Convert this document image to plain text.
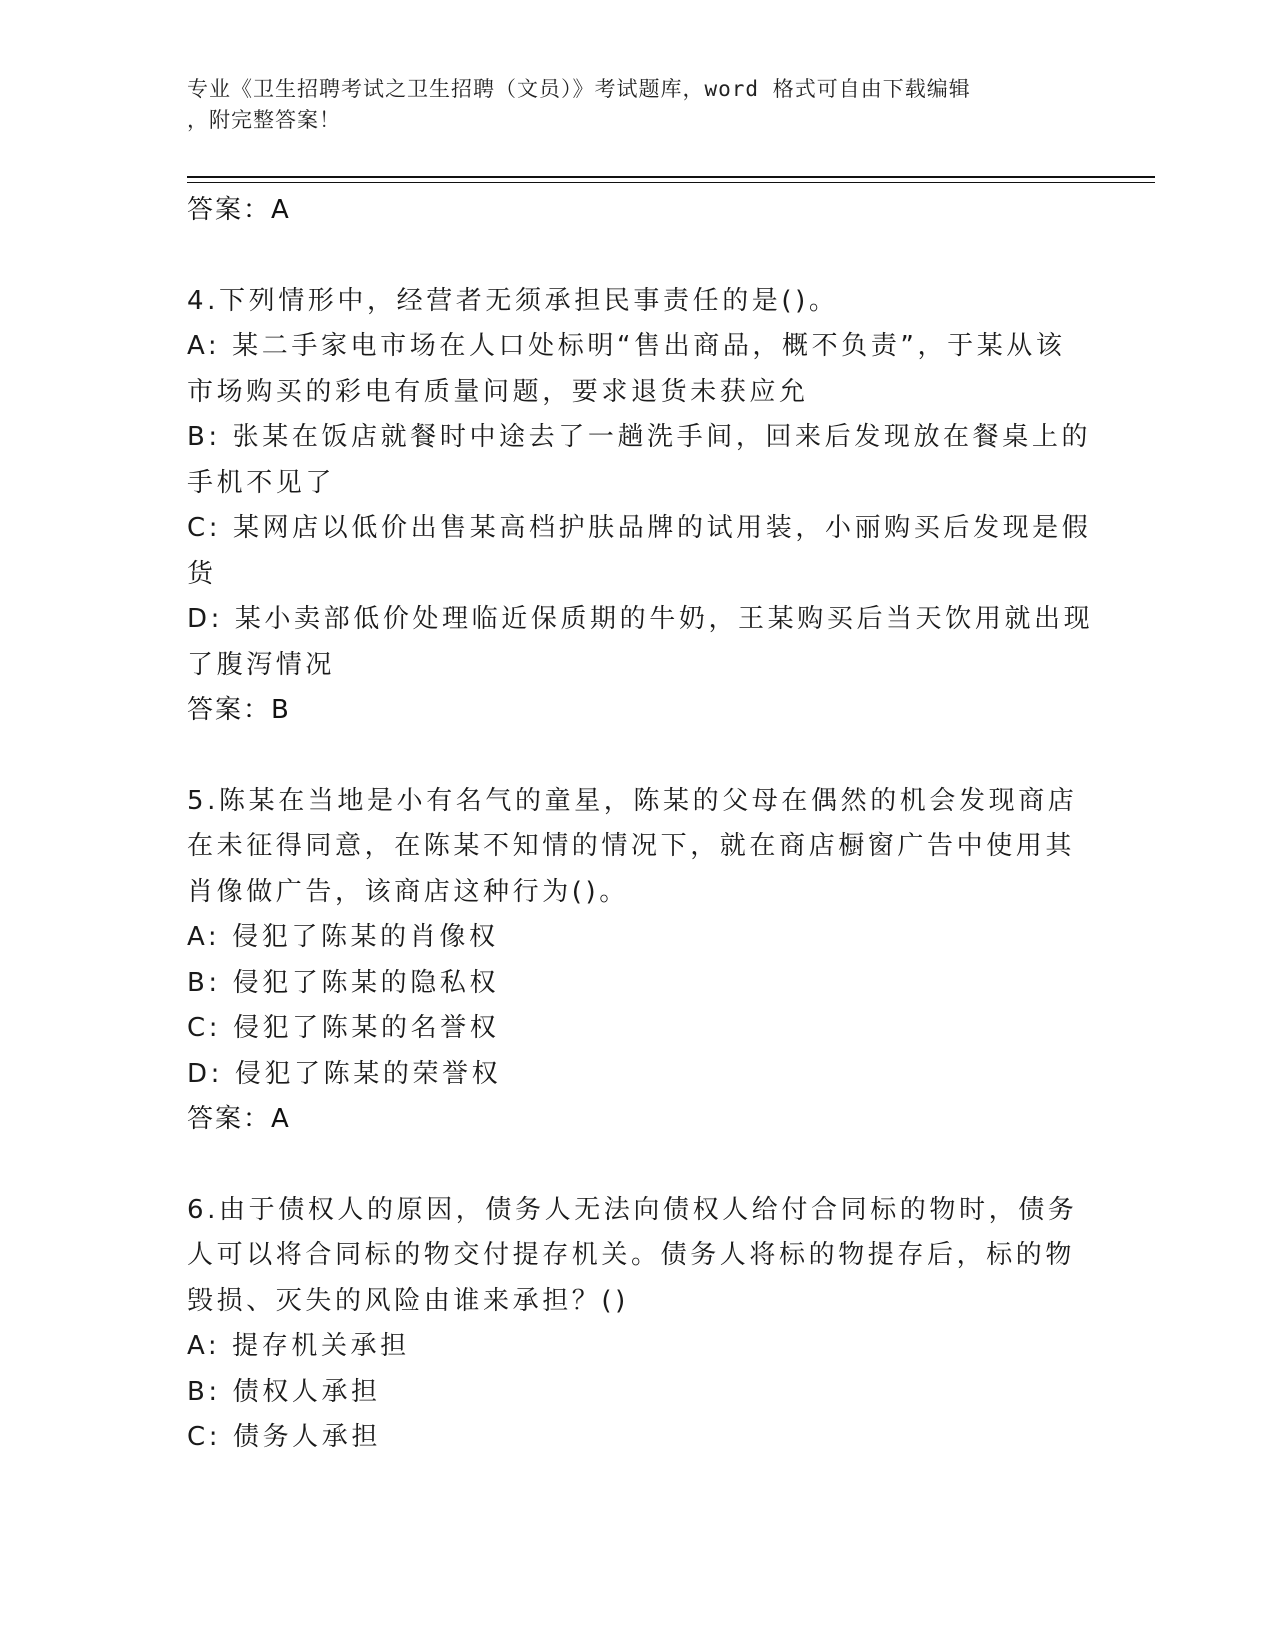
专业《卫生招聘考试之卫生招聘（文员）》考试题库，word 格式可自由下载编辑
，附完整答案！
答案：A
4.下列情形中，经营者无须承担民事责任的是()。
A: 某二手家电市场在人口处标明“售出商品，概不负责”，于某从该
市场购买的彩电有质量问题，要求退货未获应允
B: 张某在饭店就餐时中途去了一趟洗手间，回来后发现放在餐桌上的
手机不见了
C: 某网店以低价出售某高档护肤品牌的试用装，小丽购买后发现是假
货
D: 某小卖部低价处理临近保质期的牛奶，王某购买后当天饮用就出现
了腹泻情况
答案：B
5.陈某在当地是小有名气的童星，陈某的父母在偶然的机会发现商店
在未征得同意，在陈某不知情的情况下，就在商店橱窗广告中使用其
肖像做广告，该商店这种行为()。
A: 侵犯了陈某的肖像权
B: 侵犯了陈某的隐私权
C: 侵犯了陈某的名誉权
D: 侵犯了陈某的荣誉权
答案：A
6.由于债权人的原因，债务人无法向债权人给付合同标的物时，债务
人可以将合同标的物交付提存机关。债务人将标的物提存后，标的物
毁损、灭失的风险由谁来承担？()
A: 提存机关承担
B: 债权人承担
C: 债务人承担
